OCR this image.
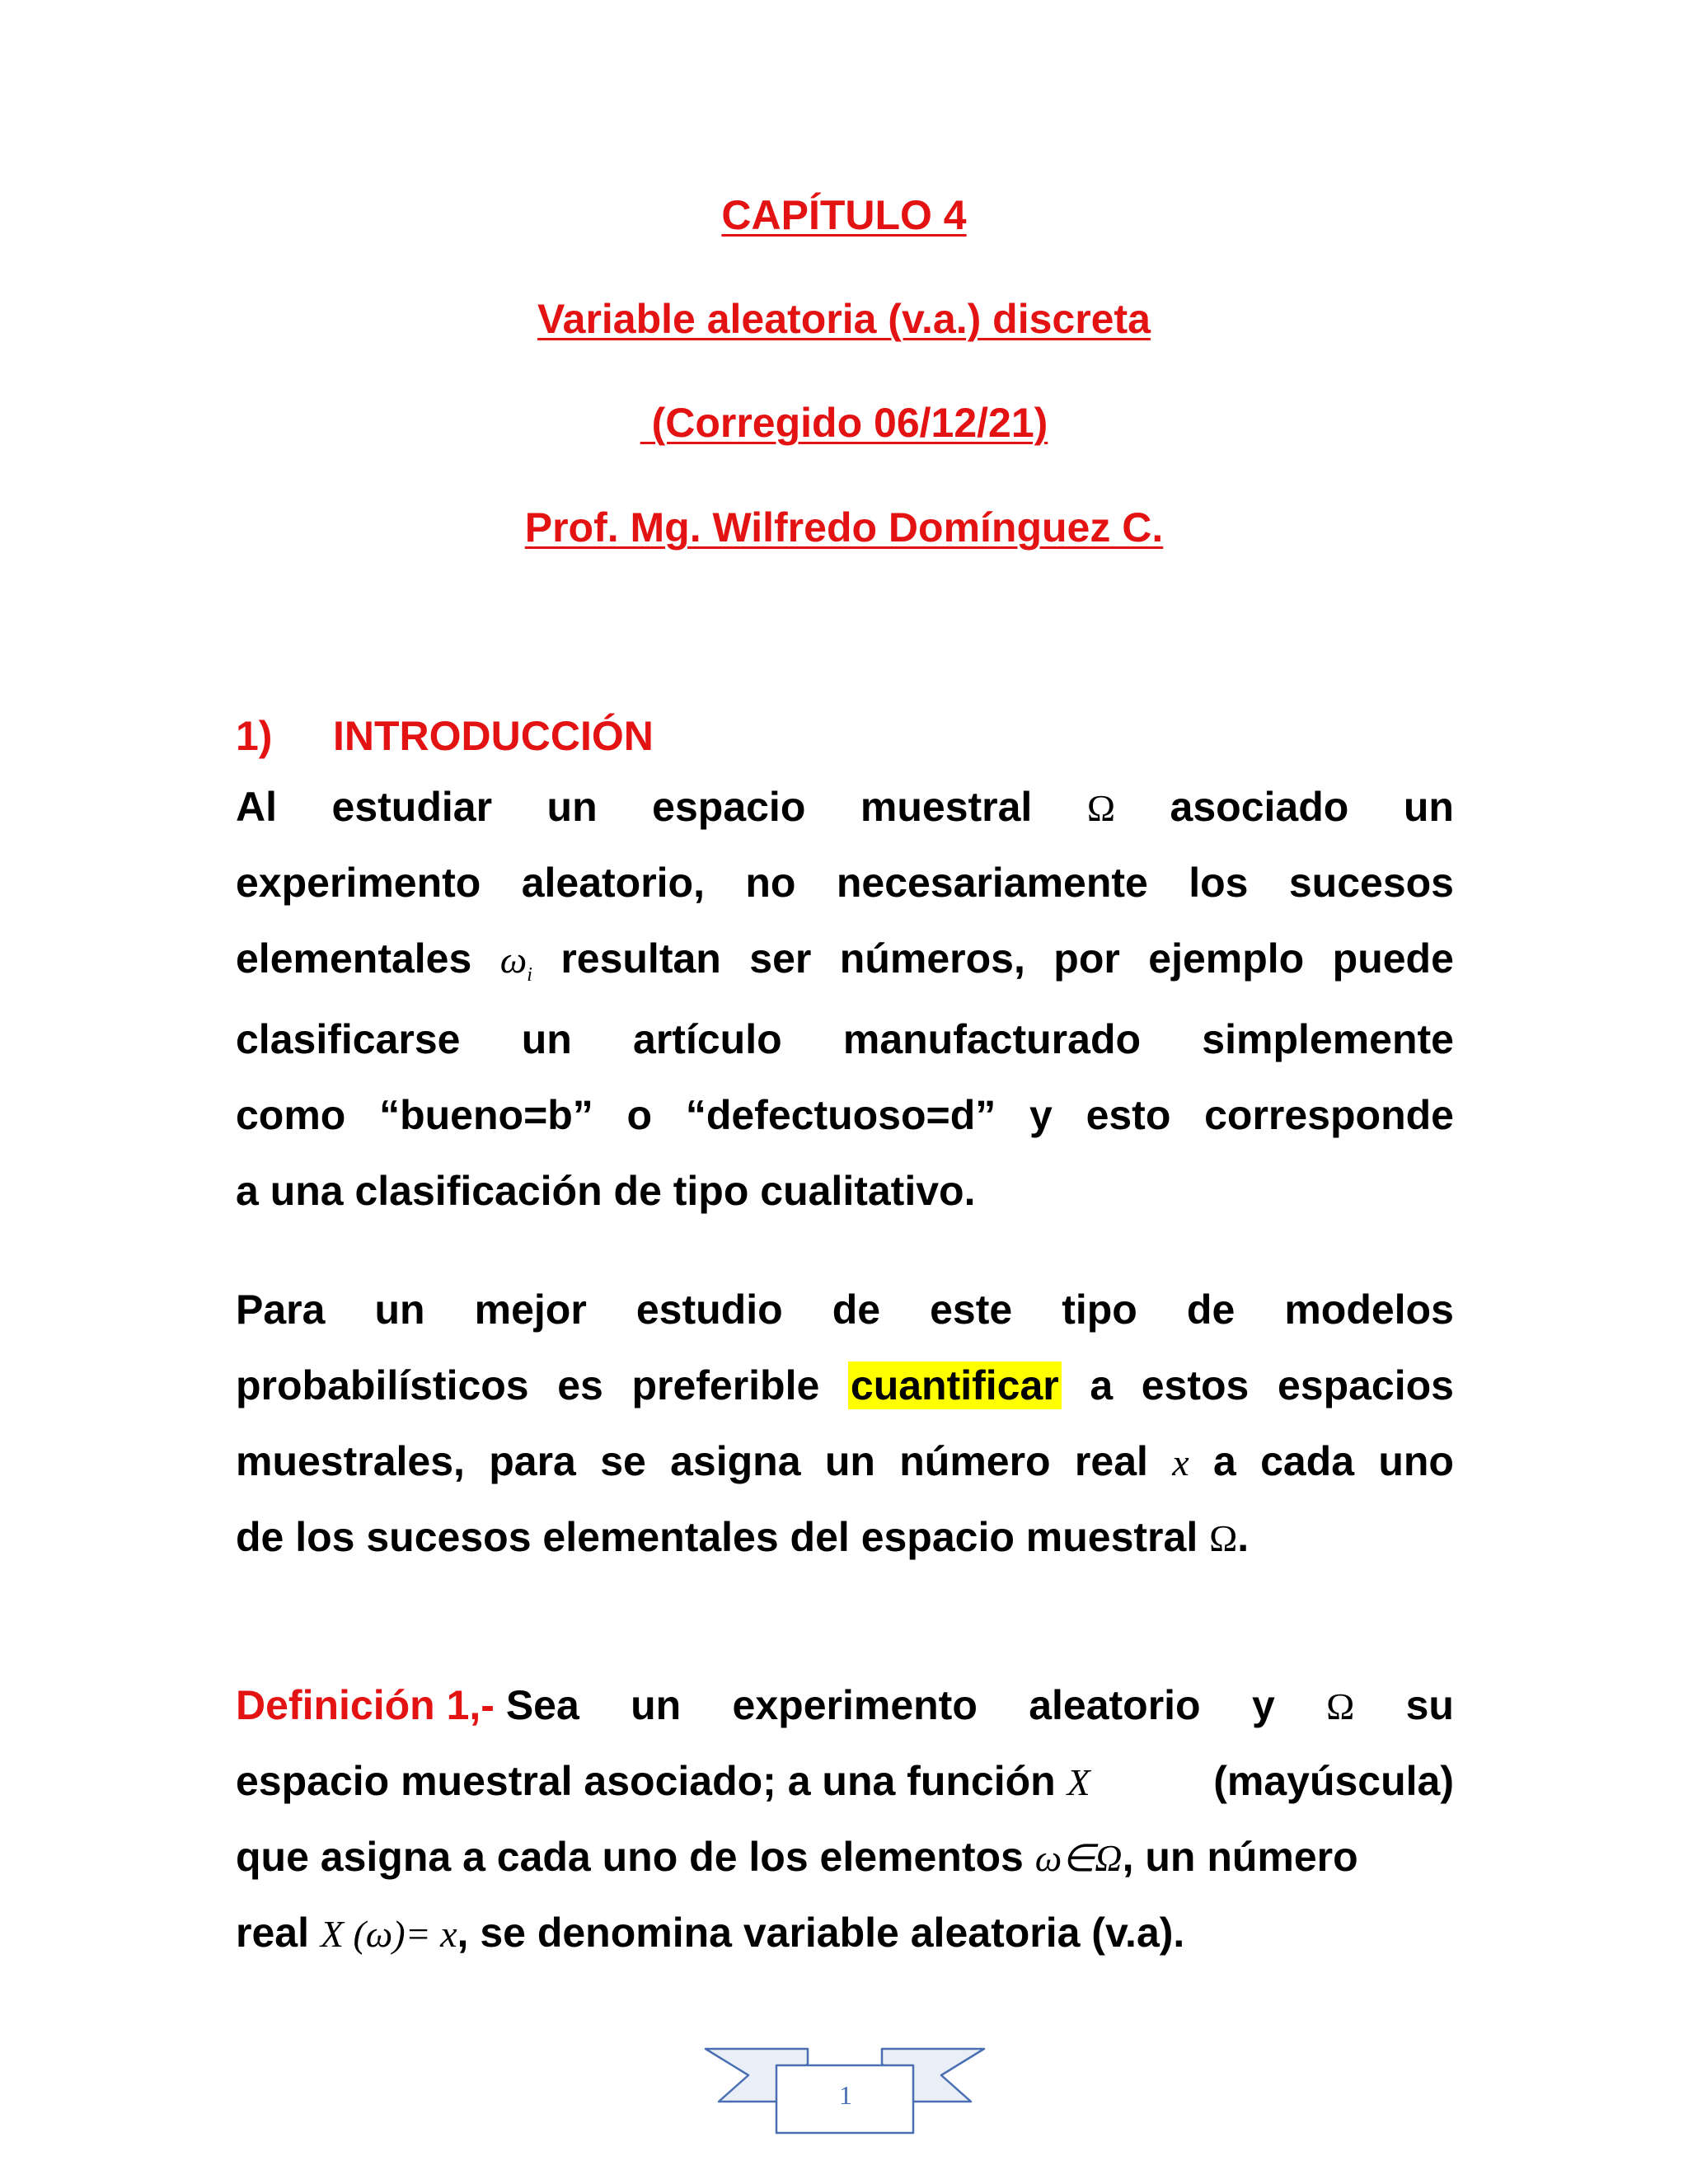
CAPÍTULO 4
Variable aleatoria (v.a.) discreta
(Corregido 06/12/21)
Prof. Mg. Wilfredo Domínguez C.
1) INTRODUCCIÓN
Al estudiar un espacio muestral Ω asociado un
experimento aleatorio, no necesariamente los sucesos
elementales $\omega_i$ resultan ser números, por ejemplo puede
clasificarse un artículo manufacturado simplemente
como “bueno=b” o “defectuoso=d” y esto corresponde
a una clasificación de tipo cualitativo.
Para un mejor estudio de este tipo de modelos
probabilísticos es preferible cuantificar a estos espacios
muestrales, para se asigna un número real x a cada uno
de los sucesos elementales del espacio muestral Ω.
Definición 1,- Sea un experimento aleatorio y Ω su
espacio muestral asociado; a una función X	(mayúscula)
que asigna a cada uno de los elementos ω∈Ω, un número
real X (ω)= x, se denomina variable aleatoria (v.a).
1
